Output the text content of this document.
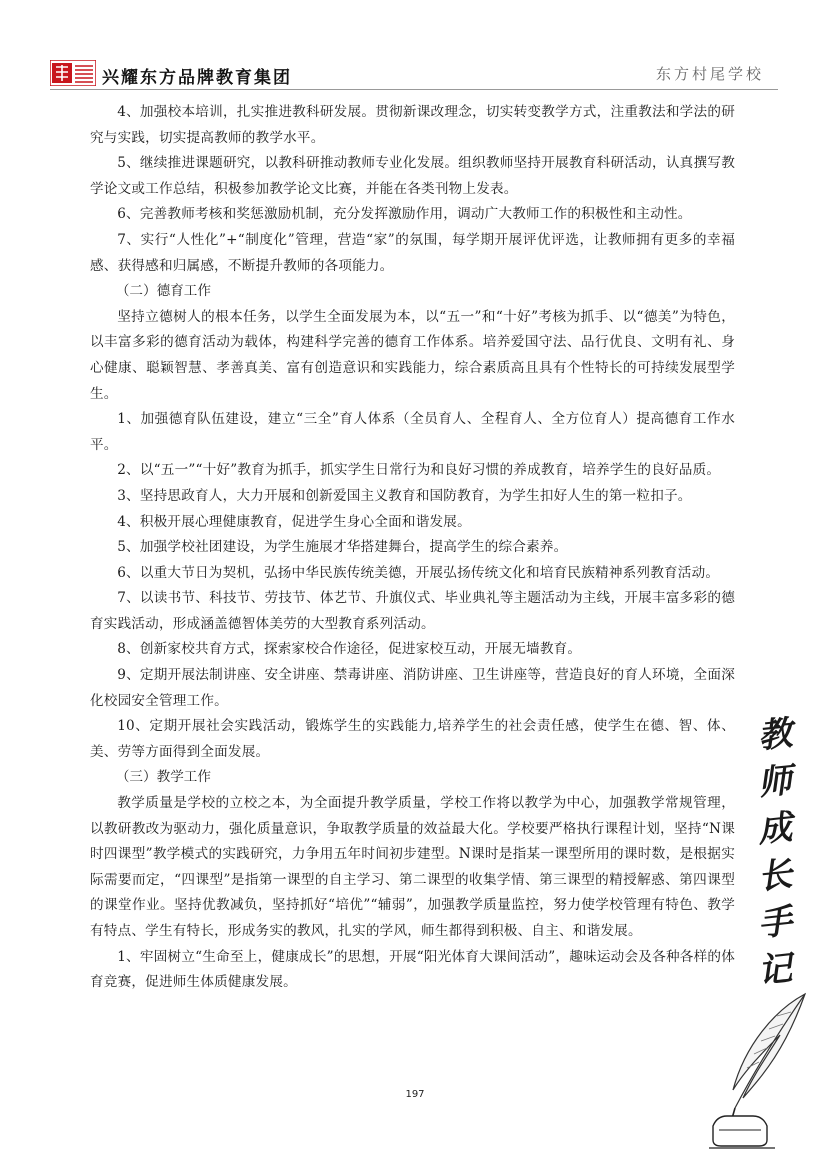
兴耀东方品牌教育集团	东方村尾学校

4、加强校本培训，扎实推进教科研发展。贯彻新课改理念，切实转变教学方式，注重教法和学法的研究与实践，切实提高教师的教学水平。

5、继续推进课题研究，以教科研推动教师专业化发展。组织教师坚持开展教育科研活动，认真撰写教学论文或工作总结，积极参加教学论文比赛，并能在各类刊物上发表。

6、完善教师考核和奖惩激励机制，充分发挥激励作用，调动广大教师工作的积极性和主动性。

7、实行“人性化”+“制度化”管理，营造“家”的氛围，每学期开展评优评选，让教师拥有更多的幸福感、获得感和归属感，不断提升教师的各项能力。

（二）德育工作

坚持立德树人的根本任务，以学生全面发展为本，以“五一”和“十好”考核为抓手、以“德美”为特色，以丰富多彩的德育活动为载体，构建科学完善的德育工作体系。培养爱国守法、品行优良、文明有礼、身心健康、聪颖智慧、孝善真美、富有创造意识和实践能力，综合素质高且具有个性特长的可持续发展型学生。

1、加强德育队伍建设，建立“三全”育人体系（全员育人、全程育人、全方位育人）提高德育工作水平。

2、以“五一”“十好”教育为抓手，抓实学生日常行为和良好习惯的养成教育，培养学生的良好品质。

3、坚持思政育人，大力开展和创新爱国主义教育和国防教育，为学生扣好人生的第一粒扣子。

4、积极开展心理健康教育，促进学生身心全面和谐发展。

5、加强学校社团建设，为学生施展才华搭建舞台，提高学生的综合素养。

6、以重大节日为契机，弘扬中华民族传统美德，开展弘扬传统文化和培育民族精神系列教育活动。

7、以读书节、科技节、劳技节、体艺节、升旗仪式、毕业典礼等主题活动为主线，开展丰富多彩的德育实践活动，形成涵盖德智体美劳的大型教育系列活动。

8、创新家校共育方式，探索家校合作途径，促进家校互动，开展无墙教育。

9、定期开展法制讲座、安全讲座、禁毒讲座、消防讲座、卫生讲座等，营造良好的育人环境，全面深化校园安全管理工作。

10、定期开展社会实践活动，锻炼学生的实践能力,培养学生的社会责任感，使学生在德、智、体、美、劳等方面得到全面发展。

（三）教学工作

教学质量是学校的立校之本，为全面提升教学质量，学校工作将以教学为中心，加强教学常规管理，以教研教改为驱动力，强化质量意识，争取教学质量的效益最大化。学校要严格执行课程计划，坚持“N课时四课型”教学模式的实践研究，力争用五年时间初步建型。N课时是指某一课型所用的课时数，是根据实际需要而定，“四课型”是指第一课型的自主学习、第二课型的收集学情、第三课型的精授解惑、第四课型的课堂作业。坚持优教减负，坚持抓好“培优”“辅弱”，加强教学质量监控，努力使学校管理有特色、教学有特点、学生有特长，形成务实的教风，扎实的学风，师生都得到积极、自主、和谐发展。

1、牢固树立“生命至上，健康成长”的思想，开展“阳光体育大课间活动”，趣味运动会及各种各样的体育竞赛，促进师生体质健康发展。

教
师
成
长
手
记
197
